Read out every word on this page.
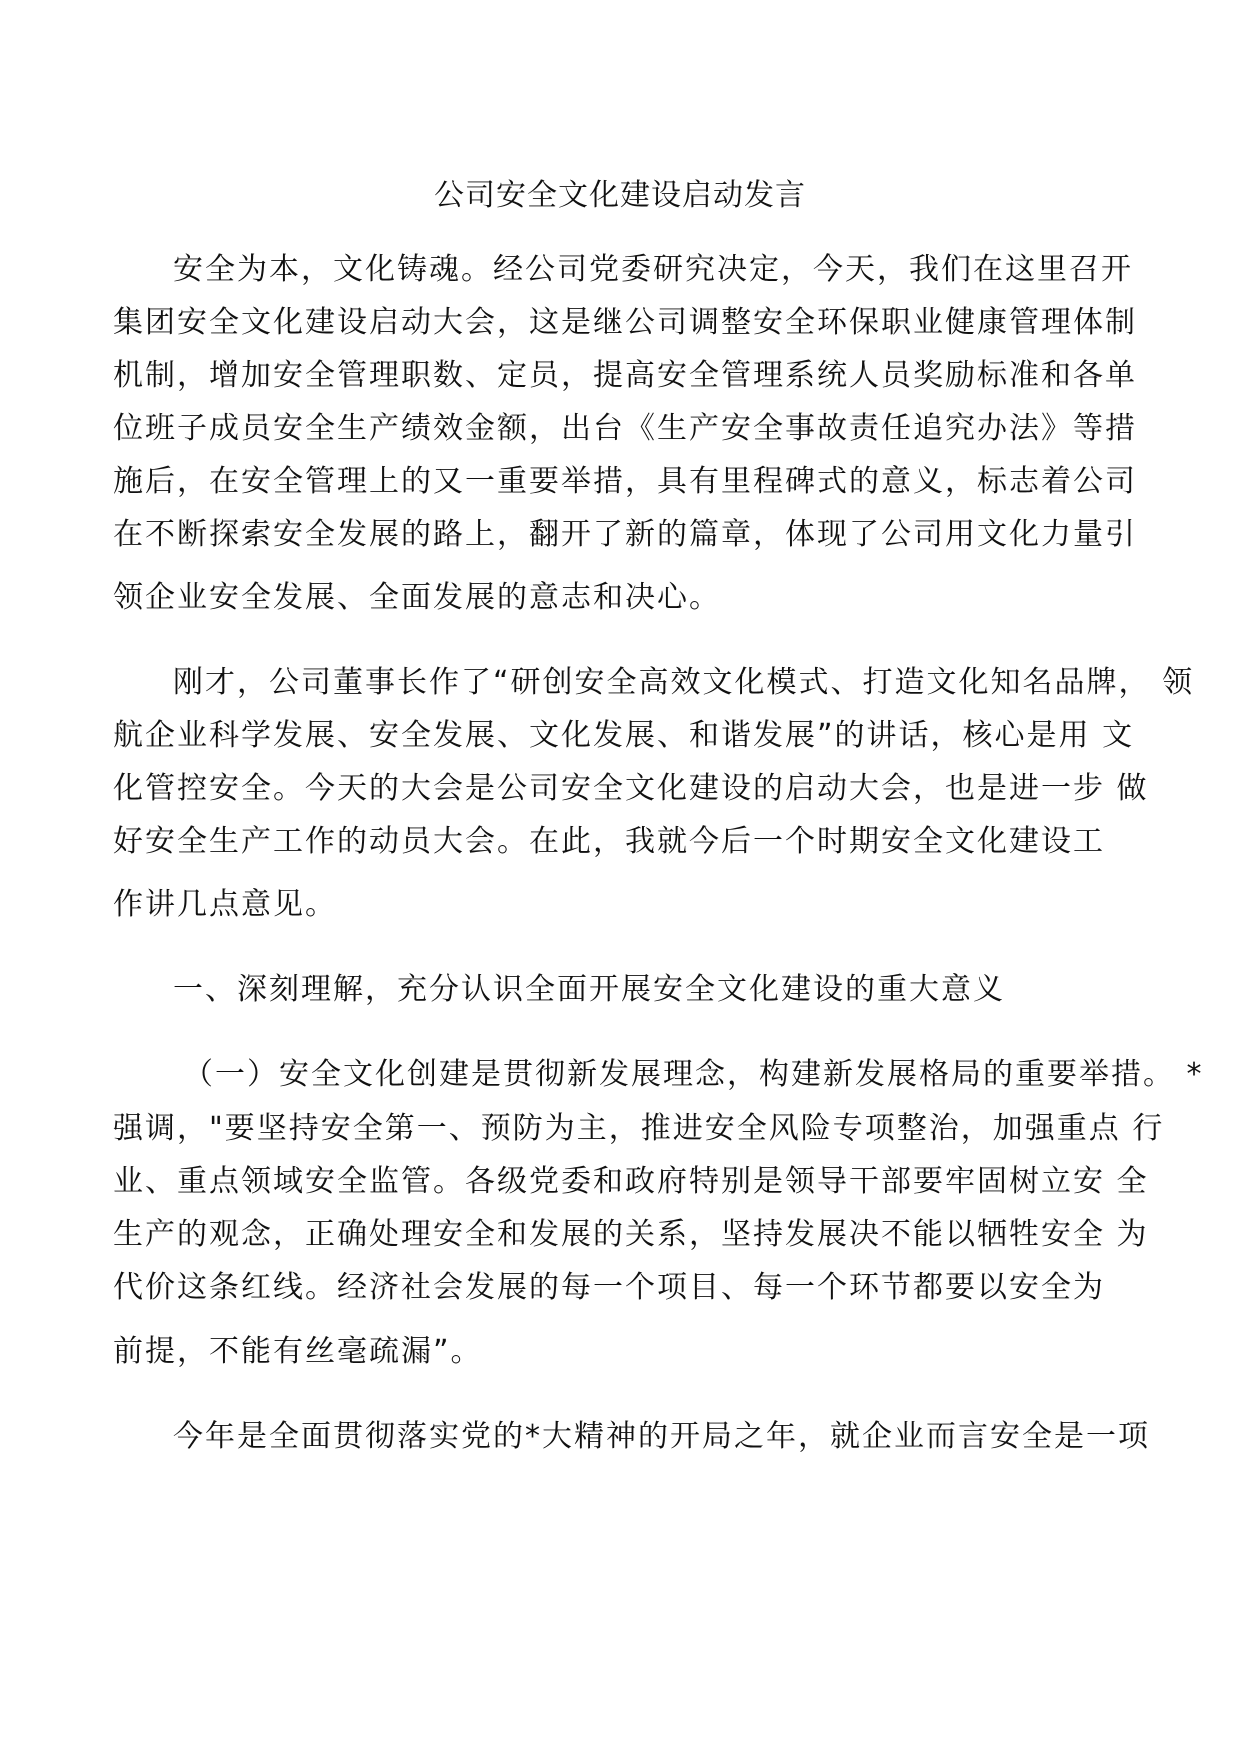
公司安全文化建设启动发言
安全为本，文化铸魂。经公司党委研究决定，今天，我们在这里召开
集团安全文化建设启动大会，这是继公司调整安全环保职业健康管理体制
机制，增加安全管理职数、定员，提高安全管理系统人员奖励标准和各单
位班子成员安全生产绩效金额，出台《生产安全事故责任追究办法》等措
施后，在安全管理上的又一重要举措，具有里程碑式的意义，标志着公司
在不断探索安全发展的路上，翻开了新的篇章，体现了公司用文化力量引
领企业安全发展、全面发展的意志和决心。
刚才，公司董事长作了“研创安全高效文化模式、打造文化知名品牌， 领
航企业科学发展、安全发展、文化发展、和谐发展”的讲话，核心是用 文
化管控安全。今天的大会是公司安全文化建设的启动大会，也是进一步 做
好安全生产工作的动员大会。在此，我就今后一个时期安全文化建设工
作讲几点意见。
一、深刻理解，充分认识全面开展安全文化建设的重大意义
（一）安全文化创建是贯彻新发展理念，构建新发展格局的重要举措。 *
强调，"要坚持安全第一、预防为主，推进安全风险专项整治，加强重点 行
业、重点领域安全监管。各级党委和政府特别是领导干部要牢固树立安 全
生产的观念，正确处理安全和发展的关系，坚持发展决不能以牺牲安全 为
代价这条红线。经济社会发展的每一个项目、每一个环节都要以安全为
前提，不能有丝毫疏漏”。
今年是全面贯彻落实党的*大精神的开局之年，就企业而言安全是一项
